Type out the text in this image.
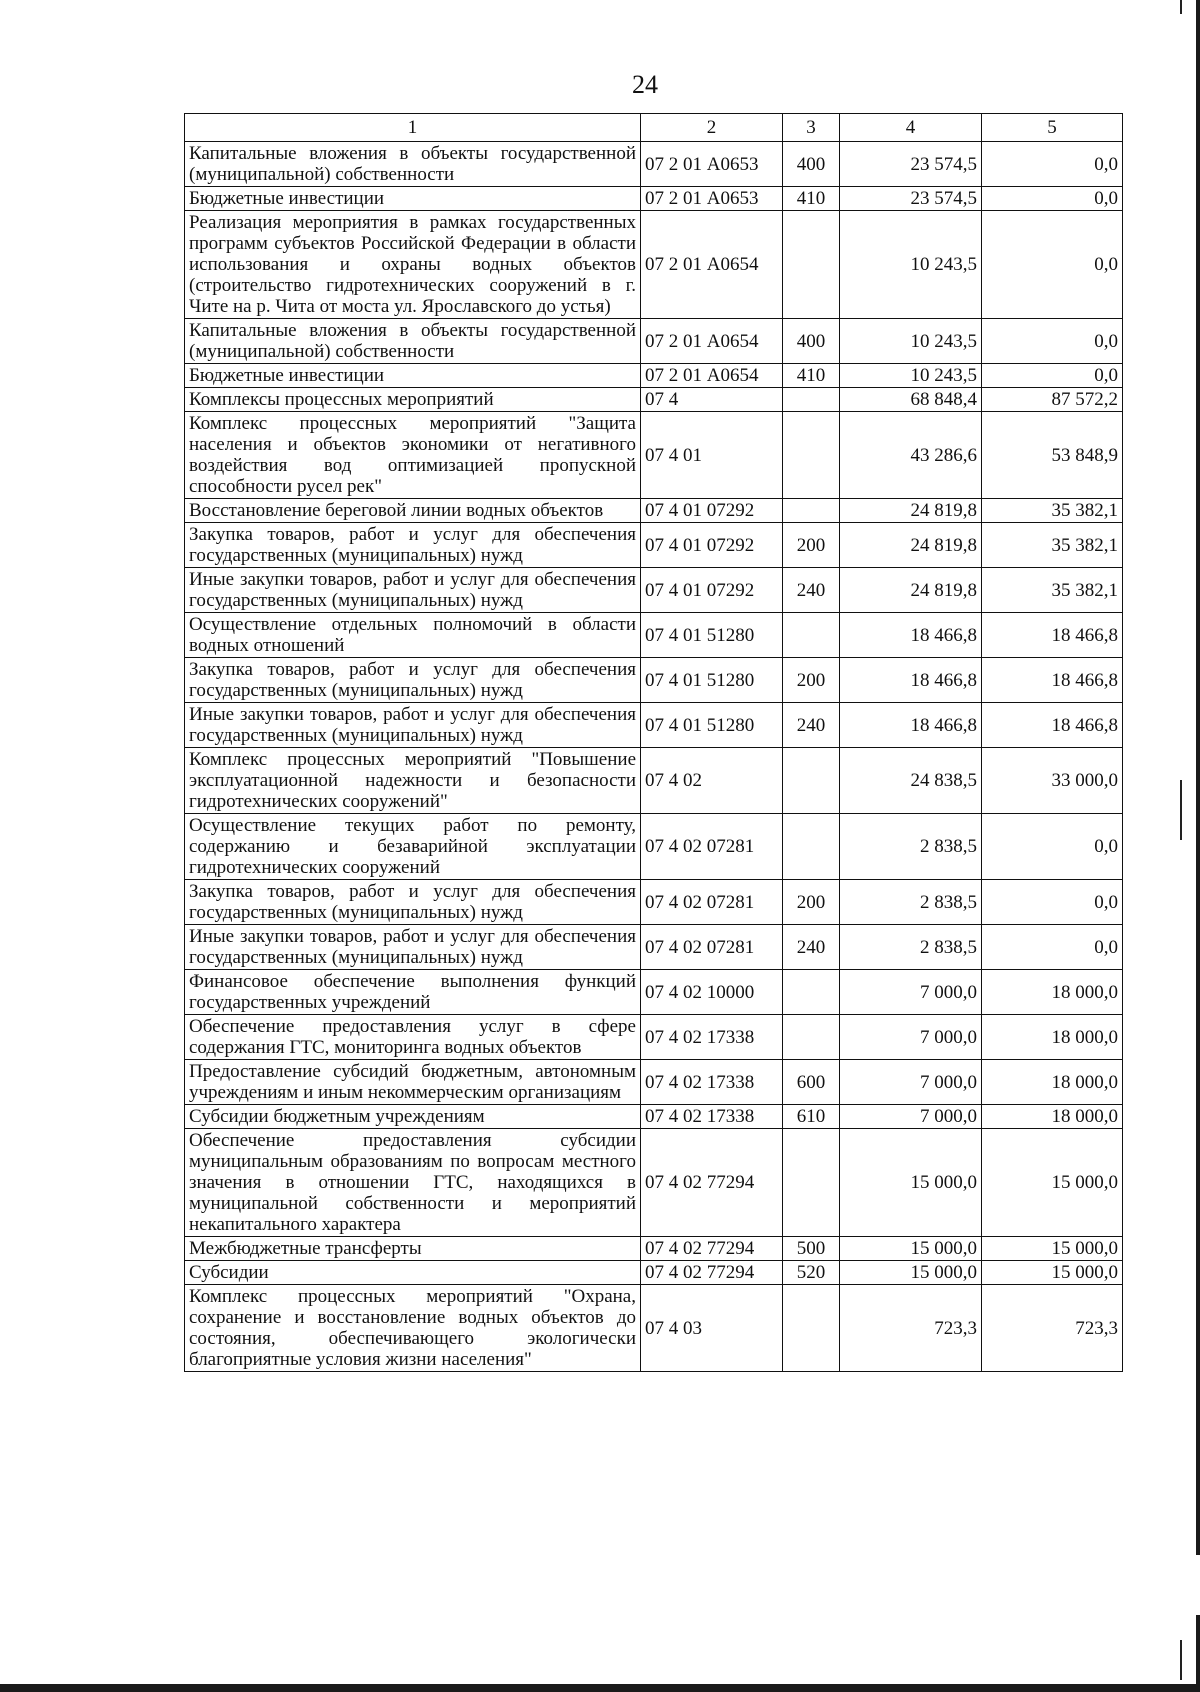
24
1	2	3	4	5
Капитальные вложения в объекты государственной (муниципальной) собственности	07 2 01 А0653	400	23 574,5	0,0
Бюджетные инвестиции	07 2 01 А0653	410	23 574,5	0,0
Реализация мероприятия в рамках государственных программ субъектов Российской Федерации в области использования и охраны водных объектов (строительство гидротехнических сооружений в г. Чите на р. Чита от моста ул. Ярославского до устья)	07 2 01 А0654		10 243,5	0,0
Капитальные вложения в объекты государственной (муниципальной) собственности	07 2 01 А0654	400	10 243,5	0,0
Бюджетные инвестиции	07 2 01 А0654	410	10 243,5	0,0
Комплексы процессных мероприятий	07 4		68 848,4	87 572,2
Комплекс процессных мероприятий "Защита населения и объектов экономики от негативного воздействия вод оптимизацией пропускной способности русел рек"	07 4 01		43 286,6	53 848,9
Восстановление береговой линии водных объектов	07 4 01 07292		24 819,8	35 382,1
Закупка товаров, работ и услуг для обеспечения государственных (муниципальных) нужд	07 4 01 07292	200	24 819,8	35 382,1
Иные закупки товаров, работ и услуг для обеспечения государственных (муниципальных) нужд	07 4 01 07292	240	24 819,8	35 382,1
Осуществление отдельных полномочий в области водных отношений	07 4 01 51280		18 466,8	18 466,8
Закупка товаров, работ и услуг для обеспечения государственных (муниципальных) нужд	07 4 01 51280	200	18 466,8	18 466,8
Иные закупки товаров, работ и услуг для обеспечения государственных (муниципальных) нужд	07 4 01 51280	240	18 466,8	18 466,8
Комплекс процессных мероприятий "Повышение эксплуатационной надежности и безопасности гидротехнических сооружений"	07 4 02		24 838,5	33 000,0
Осуществление текущих работ по ремонту, содержанию и безаварийной эксплуатации гидротехнических сооружений	07 4 02 07281		2 838,5	0,0
Закупка товаров, работ и услуг для обеспечения государственных (муниципальных) нужд	07 4 02 07281	200	2 838,5	0,0
Иные закупки товаров, работ и услуг для обеспечения государственных (муниципальных) нужд	07 4 02 07281	240	2 838,5	0,0
Финансовое обеспечение выполнения функций государственных учреждений	07 4 02 10000		7 000,0	18 000,0
Обеспечение предоставления услуг в сфере содержания ГТС, мониторинга водных объектов	07 4 02 17338		7 000,0	18 000,0
Предоставление субсидий бюджетным, автономным учреждениям и иным некоммерческим организациям	07 4 02 17338	600	7 000,0	18 000,0
Субсидии бюджетным учреждениям	07 4 02 17338	610	7 000,0	18 000,0
Обеспечение предоставления субсидии муниципальным образованиям по вопросам местного значения в отношении ГТС, находящихся в муниципальной собственности и мероприятий некапитального характера	07 4 02 77294		15 000,0	15 000,0
Межбюджетные трансферты	07 4 02 77294	500	15 000,0	15 000,0
Субсидии	07 4 02 77294	520	15 000,0	15 000,0
Комплекс процессных мероприятий "Охрана, сохранение и восстановление водных объектов до состояния, обеспечивающего экологически благоприятные условия жизни населения"	07 4 03		723,3	723,3
